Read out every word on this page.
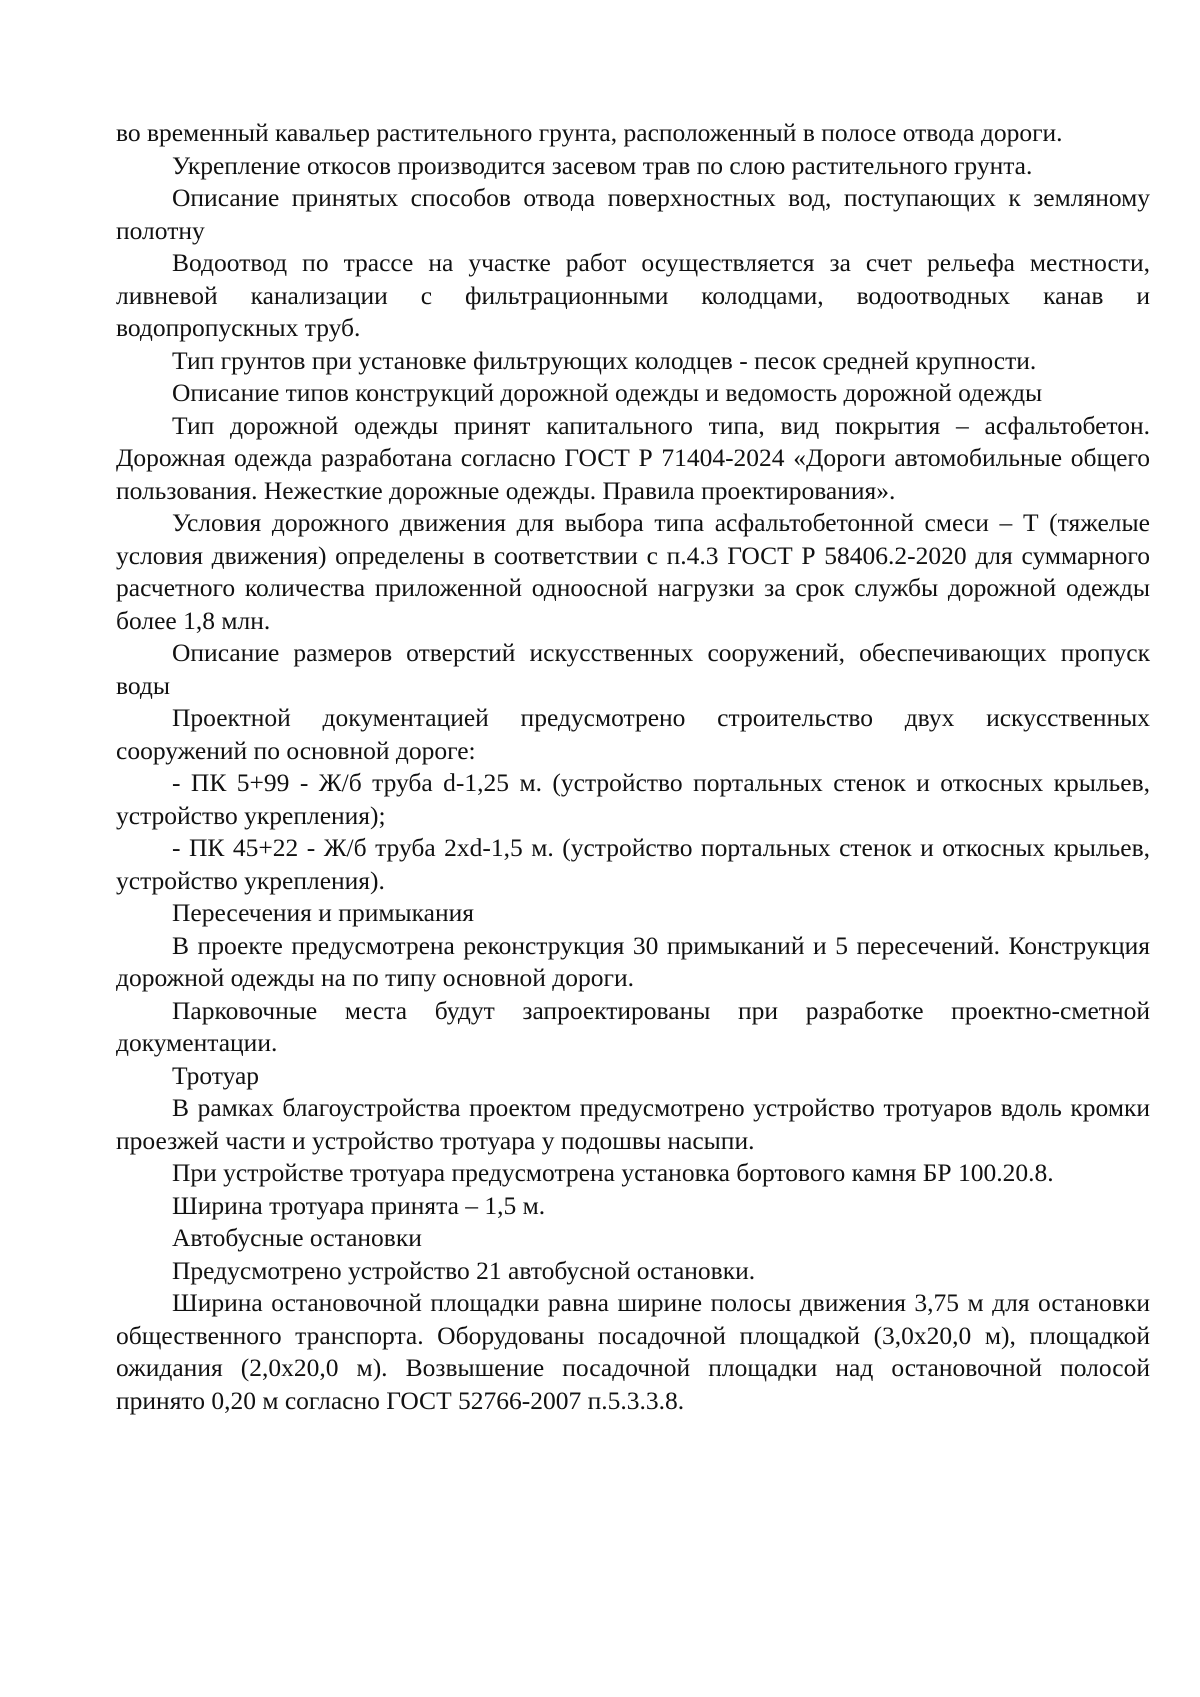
во временный кавальер растительного грунта, расположенный в полосе отвода дороги.

Укрепление откосов производится засевом трав по слою растительного грунта.

Описание принятых способов отвода поверхностных вод, поступающих к земляному полотну

Водоотвод по трассе на участке работ осуществляется за счет рельефа местности, ливневой канализации с фильтрационными колодцами, водоотводных канав и водопропускных труб.

Тип грунтов при установке фильтрующих колодцев - песок средней крупности.

Описание типов конструкций дорожной одежды и ведомость дорожной одежды

Тип дорожной одежды принят капитального типа, вид покрытия – асфальтобетон. Дорожная одежда разработана согласно ГОСТ Р 71404-2024 «Дороги автомобильные общего пользования. Нежесткие дорожные одежды. Правила проектирования».

Условия дорожного движения для выбора типа асфальтобетонной смеси – Т (тяжелые условия движения) определены в соответствии с п.4.3 ГОСТ Р 58406.2-2020 для суммарного расчетного количества приложенной одноосной нагрузки за срок службы дорожной одежды более 1,8 млн.

Описание размеров отверстий искусственных сооружений, обеспечивающих пропуск воды

Проектной документацией предусмотрено строительство двух искусственных сооружений по основной дороге:

- ПК 5+99 - Ж/б труба d-1,25 м. (устройство портальных стенок и откосных крыльев, устройство укрепления);

- ПК 45+22 - Ж/б труба 2хd-1,5 м. (устройство портальных стенок и откосных крыльев, устройство укрепления).

Пересечения и примыкания

В проекте предусмотрена реконструкция 30 примыканий и 5 пересечений. Конструкция дорожной одежды на по типу основной дороги.

Парковочные места будут запроектированы при разработке проектно-сметной документации.

Тротуар

В рамках благоустройства проектом предусмотрено устройство тротуаров вдоль кромки проезжей части и устройство тротуара у подошвы насыпи.

При устройстве тротуара предусмотрена установка бортового камня БР 100.20.8.

Ширина тротуара принята – 1,5 м.

Автобусные остановки

Предусмотрено устройство 21 автобусной остановки.

Ширина остановочной площадки равна ширине полосы движения 3,75 м для остановки общественного транспорта. Оборудованы посадочной площадкой (3,0х20,0 м), площадкой ожидания (2,0х20,0 м). Возвышение посадочной площадки над остановочной полосой принято 0,20 м согласно ГОСТ 52766-2007 п.5.3.3.8.
